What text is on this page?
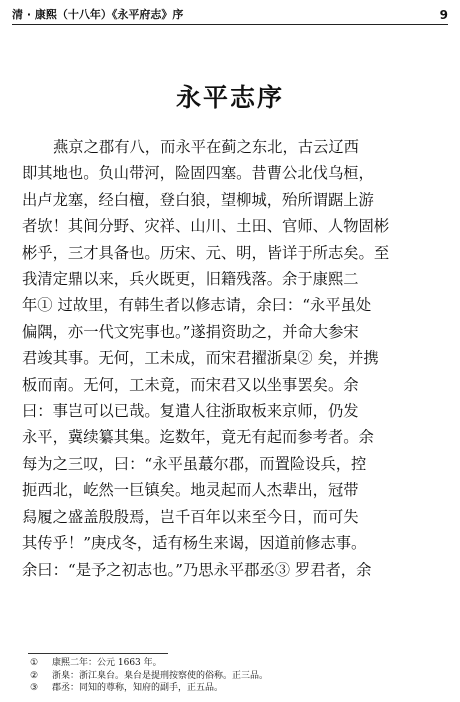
清 · 康熙（十八年）《永平府志》序	9
永平志序
燕京之郡有八，而永平在蓟之东北，古云辽西
即其地也。负山带河，险固四塞。昔曹公北伐乌桓，
出卢龙塞，经白檀，登白狼，望柳城，殆所谓踞上游
者欤！其间分野、灾祥、山川、土田、官师、人物固彬
彬乎，三才具备也。历宋、元、明，皆详于所志矣。至
我清定鼎以来，兵火既更，旧籍残落。余于康熙二
年① 过故里，有韩生者以修志请，余曰：“永平虽处
偏隅，亦一代文宪事也。”遂捐资助之，并命大参宋
君竣其事。无何，工未成，而宋君擢浙臬② 矣，并携
板而南。无何，工未竟，而宋君又以坐事罢矣。余
曰：事岂可以已哉。复遣人往浙取板来京师，仍发
永平，冀续纂其集。迄数年，竟无有起而参考者。余
每为之三叹，曰：“永平虽蕞尔郡，而置险设兵，控
扼西北，屹然一巨镇矣。地灵起而人杰辈出，冠带
舄履之盛盖殷殷焉，岂千百年以来至今日，而可失
其传乎！”庚戌冬，适有杨生来谒，因道前修志事。
余曰：“是予之初志也。”乃思永平郡丞③ 罗君者，余
① 康熙二年：公元 1663 年。
② 浙臬：浙江臬台。臬台是提刑按察使的俗称。正三品。
③ 郡丞：同知的尊称，知府的副手，正五品。
